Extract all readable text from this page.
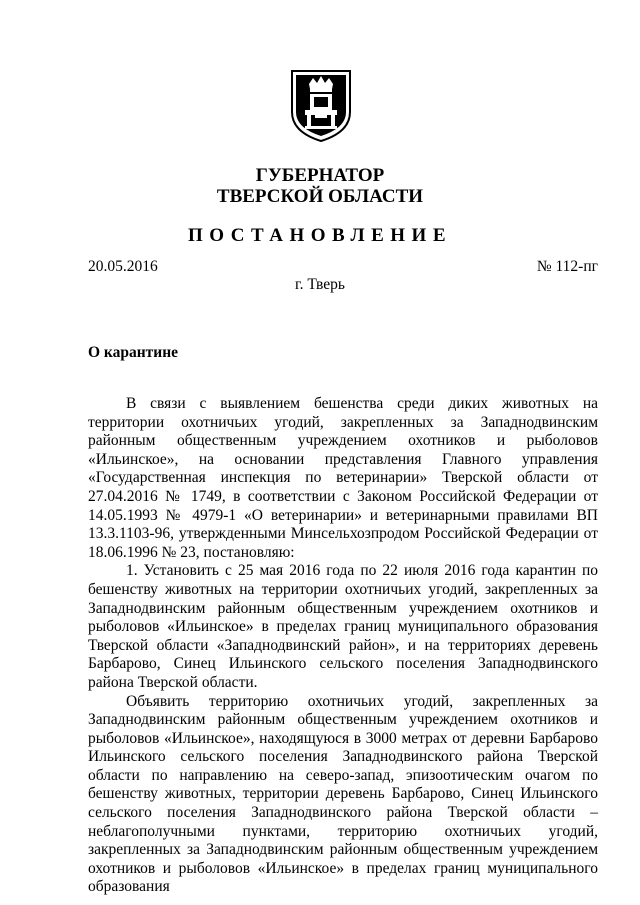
ГУБЕРНАТОР
ТВЕРСКОЙ ОБЛАСТИ
ПОСТАНОВЛЕНИЕ
20.05.2016	№ 112-пг
г. Тверь
О карантине

В связи с выявлением бешенства среди диких животных на территории охотничьих угодий, закрепленных за Западнодвинским районным общественным учреждением охотников и рыболовов «Ильинское», на основании представления Главного управления «Государственная инспекция по ветеринарии» Тверской области от 27.04.2016 № 1749, в соответствии с Законом Российской Федерации от 14.05.1993 № 4979-1 «О ветеринарии» и ветеринарными правилами ВП 13.3.1103-96, утвержденными Минсельхозпродом Российской Федерации от 18.06.1996 № 23, постановляю:

1. Установить с 25 мая 2016 года по 22 июля 2016 года карантин по бешенству животных на территории охотничьих угодий, закрепленных за Западнодвинским районным общественным учреждением охотников и рыболовов «Ильинское» в пределах границ муниципального образования Тверской области «Западнодвинский район», и на территориях деревень Барбарово, Синец Ильинского сельского поселения Западнодвинского района Тверской области.

Объявить территорию охотничьих угодий, закрепленных за Западнодвинским районным общественным учреждением охотников и рыболовов «Ильинское», находящуюся в 3000 метрах от деревни Барбарово Ильинского сельского поселения Западнодвинского района Тверской области по направлению на северо-запад, эпизоотическим очагом по бешенству животных, территории деревень Барбарово, Синец Ильинского сельского поселения Западнодвинского района Тверской области – неблагополучными пунктами, территорию охотничьих угодий, закрепленных за Западнодвинским районным общественным учреждением охотников и рыболовов «Ильинское» в пределах границ муниципального образования
